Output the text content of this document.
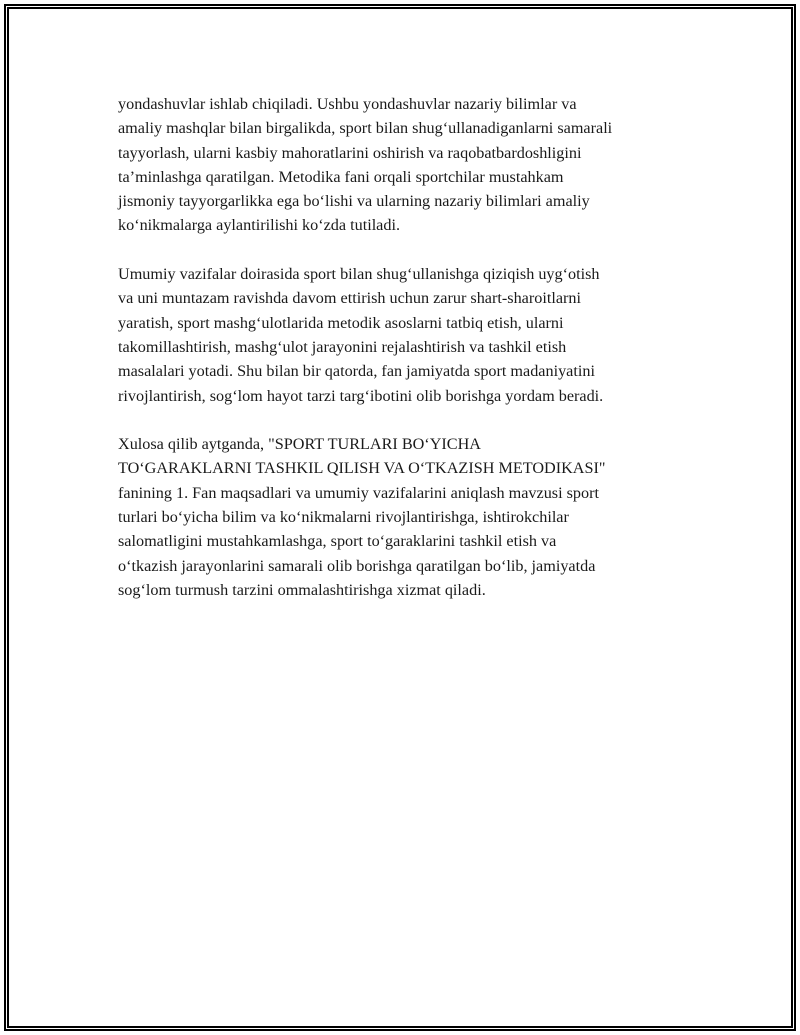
yondashuvlar ishlab chiqiladi. Ushbu yondashuvlar nazariy bilimlar va
amaliy mashqlar bilan birgalikda, sport bilan shug‘ullanadiganlarni samarali
tayyorlash, ularni kasbiy mahoratlarini oshirish va raqobatbardoshligini
ta’minlashga qaratilgan. Metodika fani orqali sportchilar mustahkam
jismoniy tayyorgarlikka ega bo‘lishi va ularning nazariy bilimlari amaliy
ko‘nikmalarga aylantirilishi ko‘zda tutiladi.

Umumiy vazifalar doirasida sport bilan shug‘ullanishga qiziqish uyg‘otish
va uni muntazam ravishda davom ettirish uchun zarur shart-sharoitlarni
yaratish, sport mashg‘ulotlarida metodik asoslarni tatbiq etish, ularni
takomillashtirish, mashg‘ulot jarayonini rejalashtirish va tashkil etish
masalalari yotadi. Shu bilan bir qatorda, fan jamiyatda sport madaniyatini
rivojlantirish, sog‘lom hayot tarzi targ‘ibotini olib borishga yordam beradi.

Xulosa qilib aytganda, "SPORT TURLARI BO‘YICHA
TO‘GARAKLARNI TASHKIL QILISH VA O‘TKAZISH METODIKASI"
fanining 1. Fan maqsadlari va umumiy vazifalarini aniqlash mavzusi sport
turlari bo‘yicha bilim va ko‘nikmalarni rivojlantirishga, ishtirokchilar
salomatligini mustahkamlashga, sport to‘garaklarini tashkil etish va
o‘tkazish jarayonlarini samarali olib borishga qaratilgan bo‘lib, jamiyatda
sog‘lom turmush tarzini ommalashtirishga xizmat qiladi.
